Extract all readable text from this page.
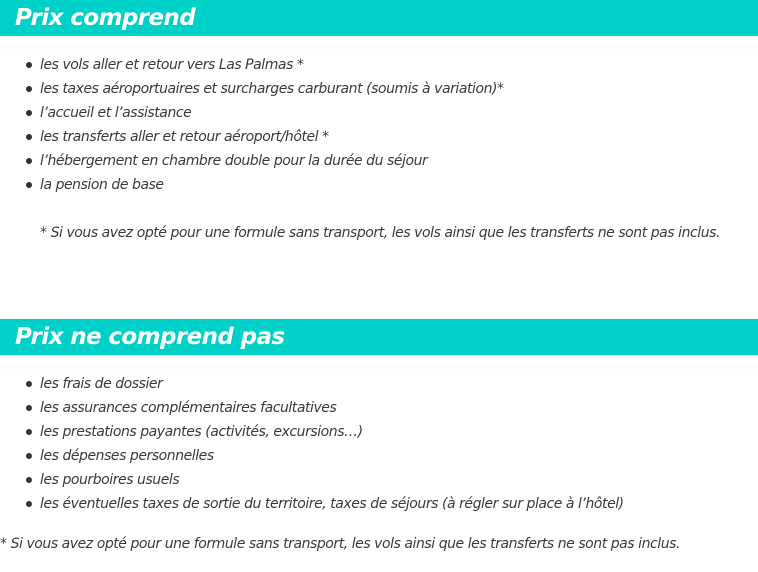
Prix comprend
les vols aller et retour vers Las Palmas *
les taxes aéroportuaires et surcharges carburant (soumis à variation)*
l’accueil et l’assistance
les transferts aller et retour aéroport/hôtel *
l’hébergement en chambre double pour la durée du séjour
la pension de base
* Si vous avez opté pour une formule sans transport, les vols ainsi que les transferts ne sont pas inclus.
Prix ne comprend pas
les frais de dossier
les assurances complémentaires facultatives
les prestations payantes (activités, excursions…)
les dépenses personnelles
les pourboires usuels
les éventuelles taxes de sortie du territoire, taxes de séjours (à régler sur place à l’hôtel)
* Si vous avez opté pour une formule sans transport, les vols ainsi que les transferts ne sont pas inclus.
